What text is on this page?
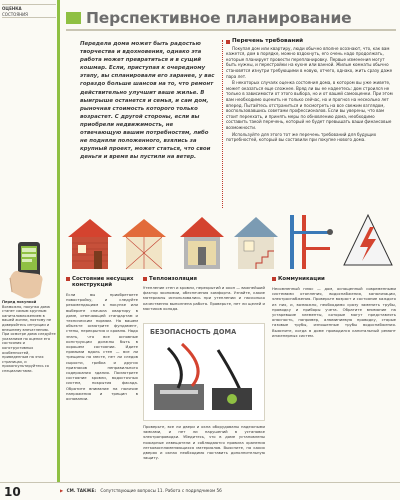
ОЦЕНКА
СОСТОЯНИЯ
Перед покупкой Возможно, покупка дома станет самым крупным капиталовложением в вашей жизни, поэтому не доверяйтесь интуиции и внешнему впечатлению. При осмотре дома следуйте указаниям по оценке его состояния и конструктивных особенностей, приведенным на этих страницах, и проконсультируйтесь со специалистами.
Перспективное планирование
Передела дома может быть радостью творчества и вдохновения, однако эта работа может превратиться и в сущий кошмар. Если, приступая к очередному этапу, вы спланировали его заранее, у вас гораздо больше шансов на то, что ремонт действительно улучшит ваше жилье. В выигрыше останется и семья, и сам дом, рыночная стоимость которого только возрастет. С другой стороны, если вы приобрели недвижимость, не отвечающую вашим потребностям, либо не подняли положенного, взялись за крупный проект, может статься, что свои деньги и время вы пустили на ветер.
Перечень требований

Покупая дом или квартиру, люди обычно вполне осознают, что, как вам кажется, дом в порядке, можно вздохнуть, его очень надо продолжать, которые планирует провести перепланировку. Первые изменения могут быть нужны, и перестройки на кухне или ванной. Жилые комнаты обычно становятся изнутри требующими в новую, отчего, однако, жить сразу даже пара лет.

В некоторых случаях оценка состояния дома, в котором вы уже живете, может оказаться еще сложнее. Вряд ли вы ее надеетесь: дом строился не только в зависимости от этого выбора, но и от вашей самооценки. При этом вам необходимо оценить не только сейчас, но и прогноз на несколько лет вперед. Пытайтесь отстраниться и посмотреть на все свежим взглядом, воспользовавшись советами профессионалов. Если вы уверены, что вам стоит переехать, и принять меры по обновлению дома, необходимо составить такой перечень, который не будет превышать ваши финансовые возможности.

Используйте для этого тот же перечень требований для будущих потребностей, который вы составили при покупке нового дома.

Состояние несущих конструкций
Если вы приобретаете новостройку, и следуйте рекомендациям к покупке или выберите сначала квартиру в доме, отвечающей стандартам и техническим нормам. На вашем объекте осмотрите фундамент, стены, перекрытия и кровлю. Надо знать, что все основные конструкции должны быть в хорошем состоянии. Идите прямыми вдоль стен — все ли трещины на месте, нет ли следов сырости, грибка и других признаков неправильного содержания здания. Посмотрите состояние кровли, водосточных систем, покрытия фасада. Обратите внимание на наличие напряжения и трещин в основании.
Теплоизоляция
Утепление стен и кровли, перекрытий и окон — важнейший фактор экономии, обеспечения комфорта. Узнайте, какие материалы использовались при утеплении и насколько качественно выполнена работа. Проверьте, нет ли щелей и мостиков холода.
БЕЗОПАСНОСТЬ ДОМА
Проверьте, все ли двери и окна оборудованы надежными замками, и нет ли нарушений в установке электропроводки. Убедитесь, что в доме установлены пожарные извещатели и соблюдаются правила хранения легковоспламеняющихся материалов. Выясните, на каких дверях и окнах необходимо поставить дополнительную защиту.
Коммуникации
Несомненный плюс — дом, оснащенный современными системами отопления, водоснабжения, канализации, электроснабжения. Проверьте возраст и состояние каждого из них, и, возможно, необходимо сразу заменить трубы, проводку и приборы учета. Обратите внимание на устаревшие элементы, которые могут представлять опасность, например, алюминиевую проводку, старые газовые трубы, изношенные трубы водоснабжения. Выясните, когда в доме проводился капитальный ремонт инженерных систем.
10	▶ СМ. ТАКЖЕ: Сопутствующие вопросы 11. Работа с подрядчиком 56
